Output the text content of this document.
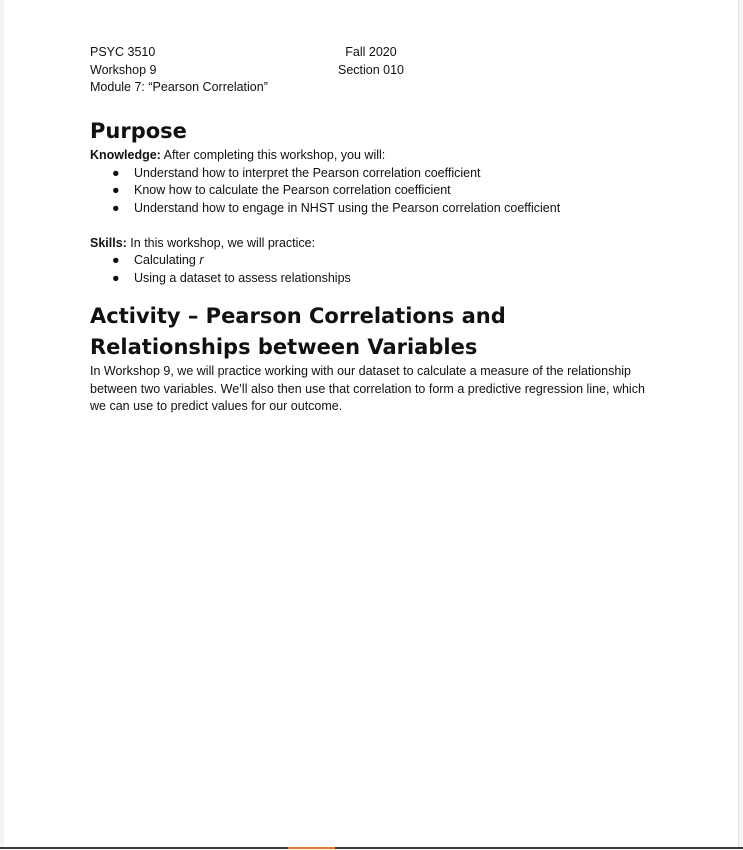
PSYC 3510
Workshop 9
Module 7: “Pearson Correlation”
Fall 2020
Section 010
Purpose

Knowledge: After completing this workshop, you will:

● Understand how to interpret the Pearson correlation coefficient
● Know how to calculate the Pearson correlation coefficient
● Understand how to engage in NHST using the Pearson correlation coefficient

Skills: In this workshop, we will practice:

● Calculating r
● Using a dataset to assess relationships
Activity – Pearson Correlations and Relationships between Variables

In Workshop 9, we will practice working with our dataset to calculate a measure of the relationship between two variables. We’ll also then use that correlation to form a predictive regression line, which we can use to predict values for our outcome.
